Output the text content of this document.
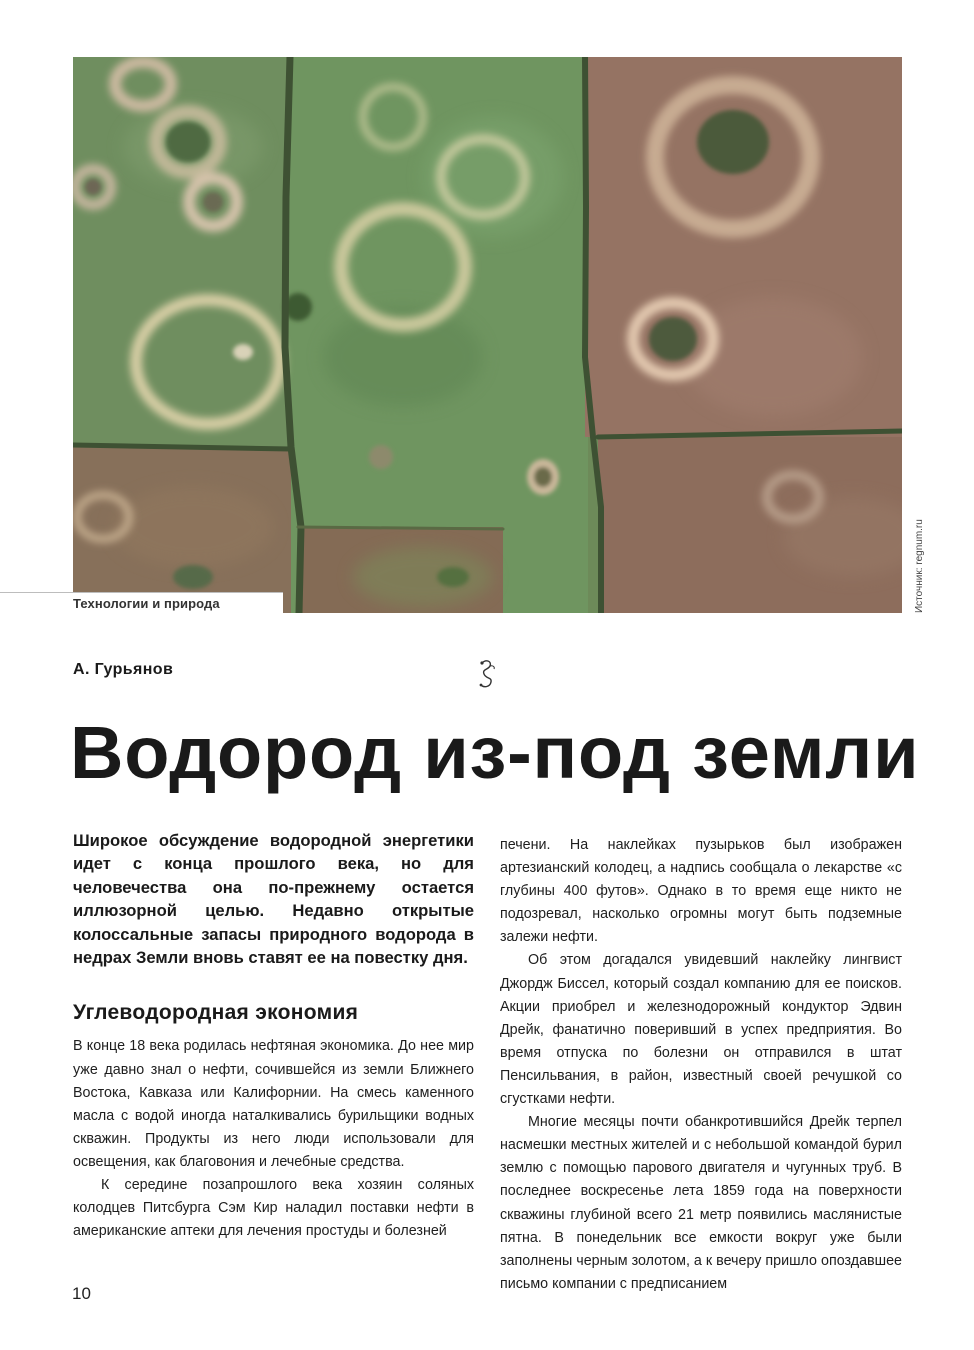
Технологии и природа	Источник: regnum.ru
А. Гурьянов
Водород из-под земли

Широкое обсуждение водородной энергетики идет с конца прошлого века, но для человечества она по-прежнему остается иллюзорной целью. Недавно открытые колоссальные запасы природного водорода в недрах Земли вновь ставят ее на повестку дня.

Углеводородная экономия

В конце 18 века родилась нефтяная экономика. До нее мир уже давно знал о нефти, сочившейся из земли Ближнего Востока, Кавказа или Калифорнии. На смесь каменного масла с водой иногда наталкивались бурильщики водных скважин. Продукты из него люди использовали для освещения, как благовония и лечебные средства.

К середине позапрошлого века хозяин соляных колодцев Питсбурга Сэм Кир наладил поставки нефти в американские аптеки для лечения простуды и болезней

печени. На наклейках пузырьков был изображен артезианский колодец, а надпись сообщала о лекарстве «с глубины 400 футов». Однако в то время еще никто не подозревал, насколько огромны могут быть подземные залежи нефти.

Об этом догадался увидевший наклейку лингвист Джордж Биссел, который создал компанию для ее поисков. Акции приобрел и железнодорожный кондуктор Эдвин Дрейк, фанатично поверивший в успех предприятия. Во время отпуска по болезни он отправился в штат Пенсильвания, в район, известный своей речушкой со сгустками нефти.

Многие месяцы почти обанкротившийся Дрейк терпел насмешки местных жителей и с небольшой командой бурил землю с помощью парового двигателя и чугунных труб. В последнее воскресенье лета 1859 года на поверхности скважины глубиной всего 21 метр появились маслянистые пятна. В понедельник все емкости вокруг уже были заполнены черным золотом, а к вечеру пришло опоздавшее письмо компании с предписанием

10
